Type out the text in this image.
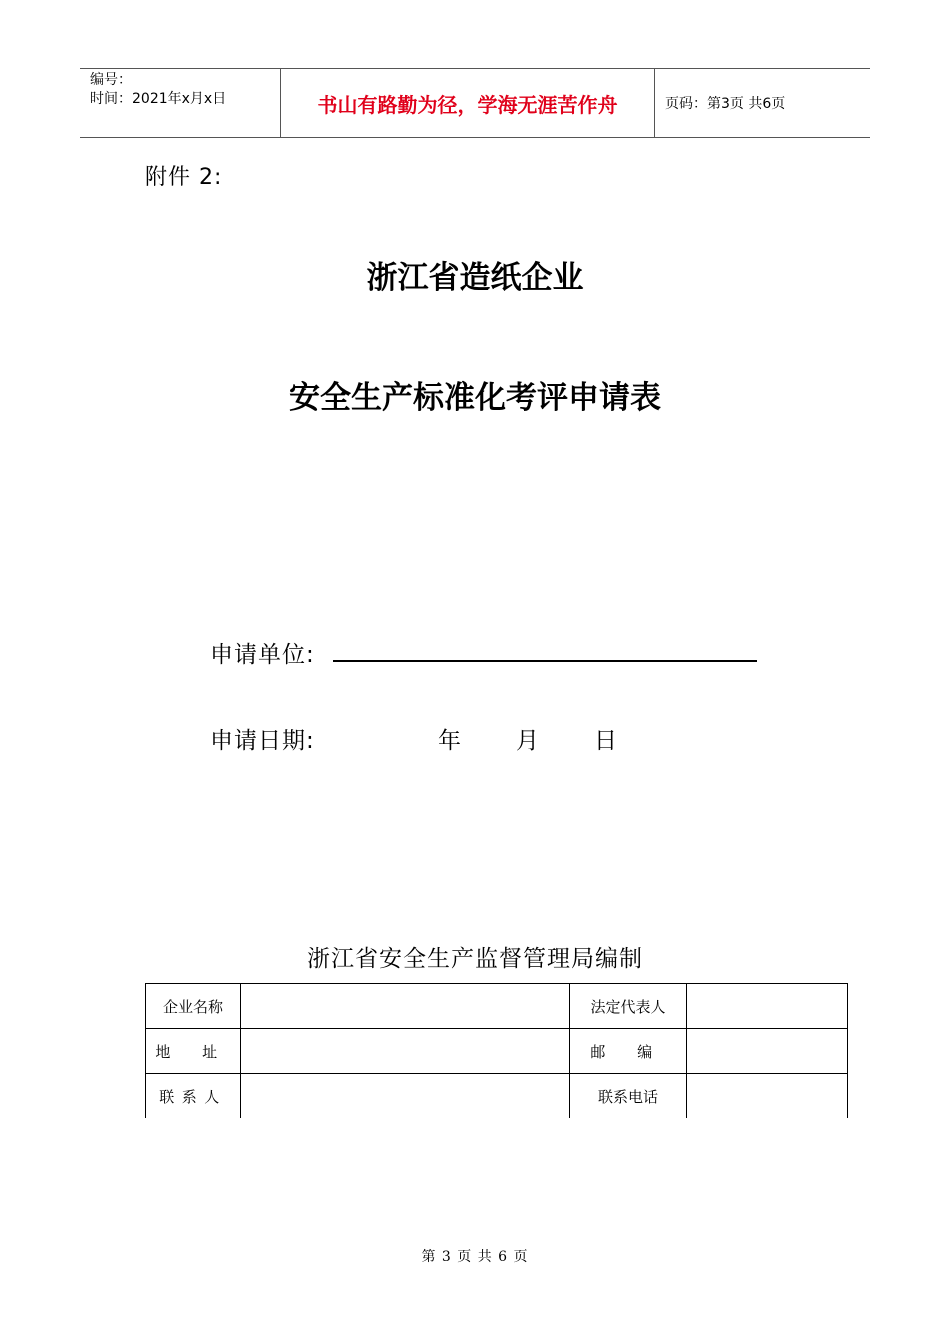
编号：
时间：2021年x月x日	书山有路勤为径，学海无涯苦作舟	页码：第3页 共6页
附件 2:
浙江省造纸企业
安全生产标准化考评申请表
申请单位:
申请日期:	年 月 日
浙江省安全生产监督管理局编制
企业名称		法定代表人	
地 址		邮 编	
联系人		联系电话	
第 3 页 共 6 页
